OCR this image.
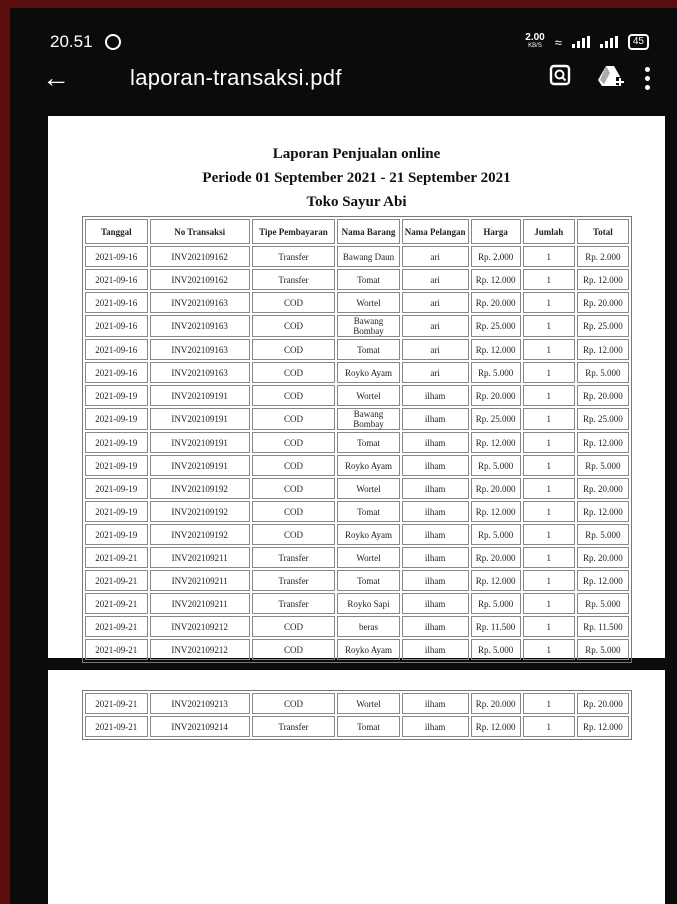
20.51	2.00
KB/S ≈	45
←	laporan-transaksi.pdf
Laporan Penjualan online
Periode 01 September 2021 - 21 September 2021
Toko Sayur Abi
Tanggal	No Transaksi	Tipe Pembayaran	Nama Barang	Nama Pelangan	Harga	Jumlah	Total
2021-09-16	INV202109162	Transfer	Bawang Daun	ari	Rp. 2.000	1	Rp. 2.000
2021-09-16	INV202109162	Transfer	Tomat	ari	Rp. 12.000	1	Rp. 12.000
2021-09-16	INV202109163	COD	Wortel	ari	Rp. 20.000	1	Rp. 20.000
2021-09-16	INV202109163	COD	Bawang Bombay	ari	Rp. 25.000	1	Rp. 25.000
2021-09-16	INV202109163	COD	Tomat	ari	Rp. 12.000	1	Rp. 12.000
2021-09-16	INV202109163	COD	Royko Ayam	ari	Rp. 5.000	1	Rp. 5.000
2021-09-19	INV202109191	COD	Wortel	ilham	Rp. 20.000	1	Rp. 20.000
2021-09-19	INV202109191	COD	Bawang Bombay	ilham	Rp. 25.000	1	Rp. 25.000
2021-09-19	INV202109191	COD	Tomat	ilham	Rp. 12.000	1	Rp. 12.000
2021-09-19	INV202109191	COD	Royko Ayam	ilham	Rp. 5.000	1	Rp. 5.000
2021-09-19	INV202109192	COD	Wortel	ilham	Rp. 20.000	1	Rp. 20.000
2021-09-19	INV202109192	COD	Tomat	ilham	Rp. 12.000	1	Rp. 12.000
2021-09-19	INV202109192	COD	Royko Ayam	ilham	Rp. 5.000	1	Rp. 5.000
2021-09-21	INV202109211	Transfer	Wortel	ilham	Rp. 20.000	1	Rp. 20.000
2021-09-21	INV202109211	Transfer	Tomat	ilham	Rp. 12.000	1	Rp. 12.000
2021-09-21	INV202109211	Transfer	Royko Sapi	ilham	Rp. 5.000	1	Rp. 5.000
2021-09-21	INV202109212	COD	beras	ilham	Rp. 11.500	1	Rp. 11.500
2021-09-21	INV202109212	COD	Royko Ayam	ilham	Rp. 5.000	1	Rp. 5.000
2021-09-21	INV202109213	COD	Wortel	ilham	Rp. 20.000	1	Rp. 20.000
2021-09-21	INV202109214	Transfer	Tomat	ilham	Rp. 12.000	1	Rp. 12.000
